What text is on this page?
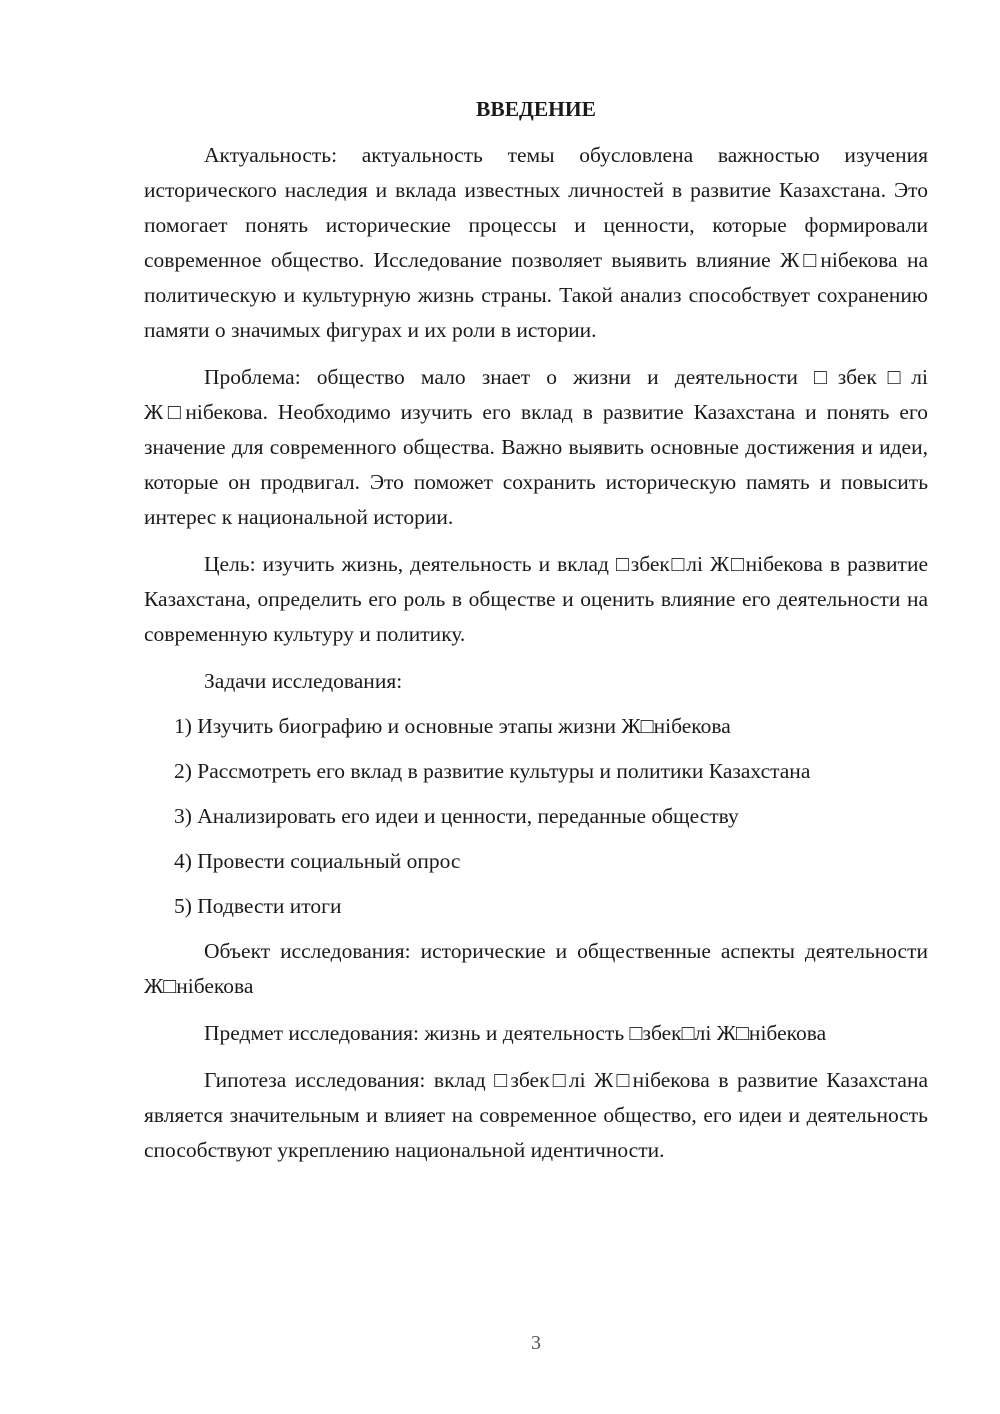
ВВЕДЕНИЕ

Актуальность: актуальность темы обусловлена важностью изучения исторического наследия и вклада известных личностей в развитие Казахстана. Это помогает понять исторические процессы и ценности, которые формировали современное общество. Исследование позволяет выявить влияние Ж□нібекова на политическую и культурную жизнь страны. Такой анализ способствует сохранению памяти о значимых фигурах и их роли в истории.

Проблема: общество мало знает о жизни и деятельности □збек□лі Ж□нібекова. Необходимо изучить его вклад в развитие Казахстана и понять его значение для современного общества. Важно выявить основные достижения и идеи, которые он продвигал. Это поможет сохранить историческую память и повысить интерес к национальной истории.

Цель: изучить жизнь, деятельность и вклад □збек□лі Ж□нібекова в развитие Казахстана, определить его роль в обществе и оценить влияние его деятельности на современную культуру и политику.

Задачи исследования:
1) Изучить биографию и основные этапы жизни Ж□нібекова
2) Рассмотреть его вклад в развитие культуры и политики Казахстана
3) Анализировать его идеи и ценности, переданные обществу
4) Провести социальный опрос
5) Подвести итоги

Объект исследования: исторические и общественные аспекты деятельности Ж□нібекова

Предмет исследования: жизнь и деятельность □збек□лі Ж□нібекова

Гипотеза исследования: вклад □збек□лі Ж□нібекова в развитие Казахстана является значительным и влияет на современное общество, его идеи и деятельность способствуют укреплению национальной идентичности.

3
